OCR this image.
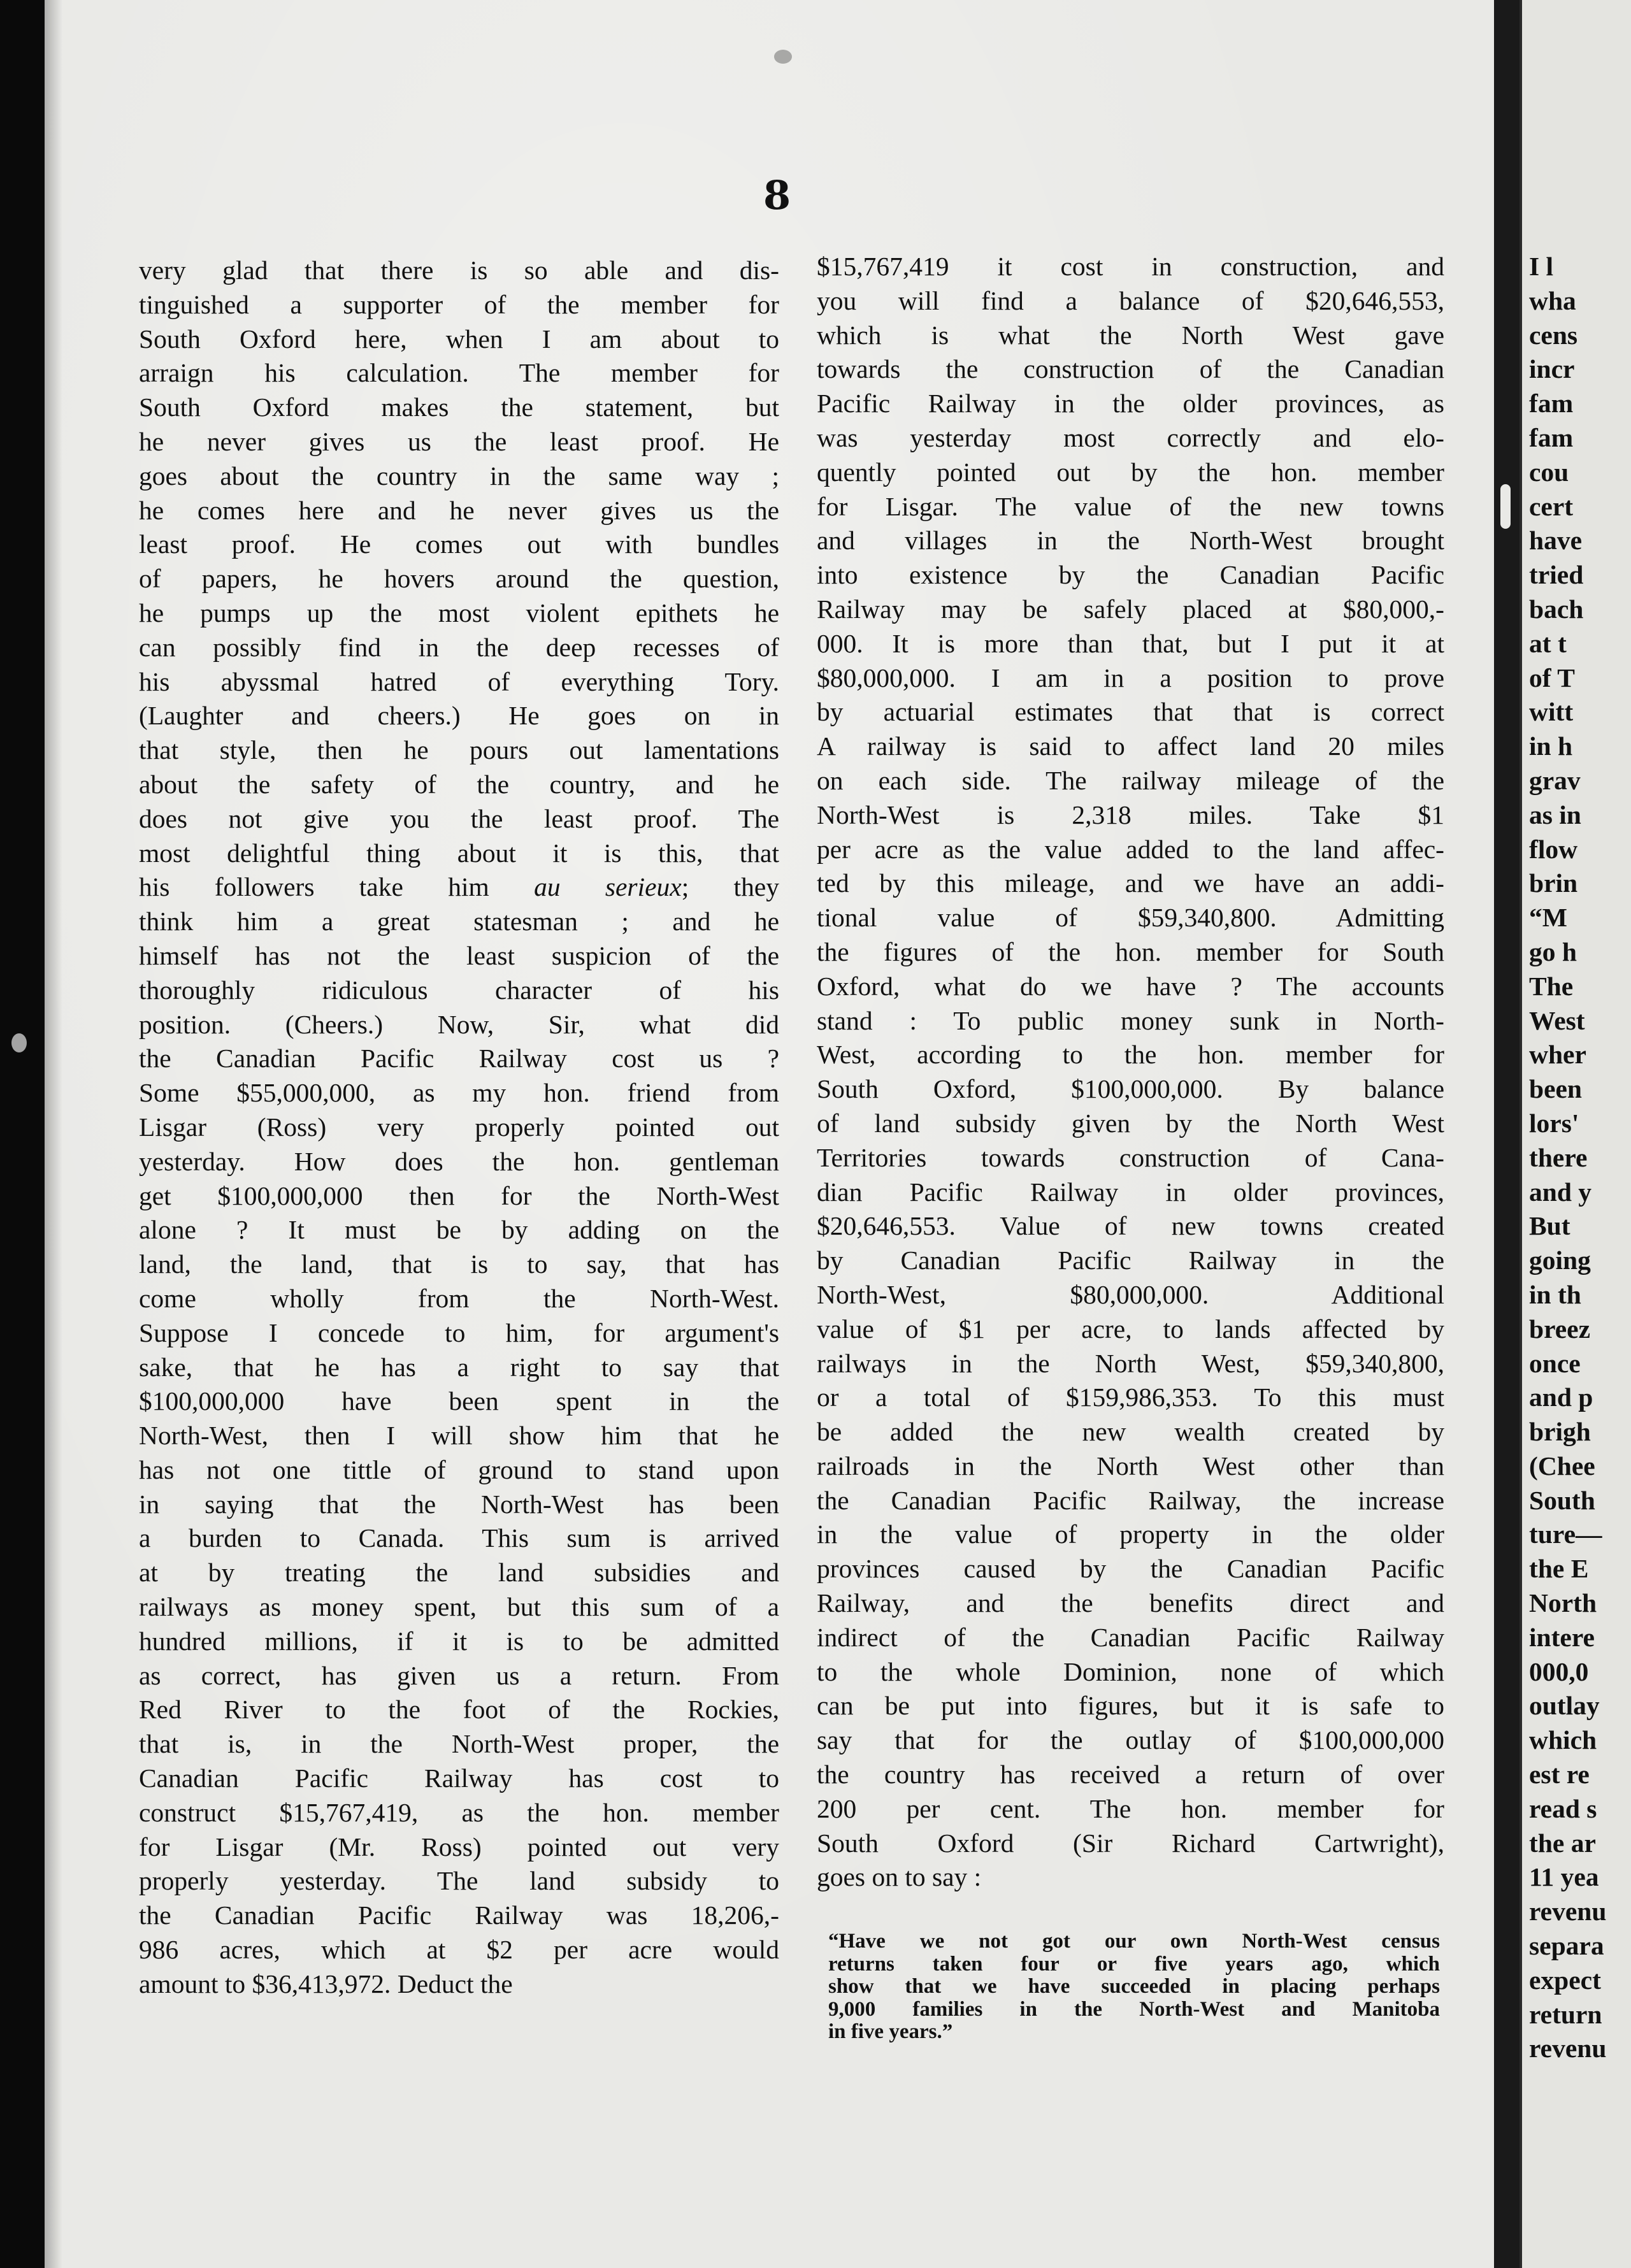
8
very glad that there is so able and dis-
tinguished a supporter of the member for
South Oxford here, when I am about to
arraign his calculation. The member for
South Oxford makes the statement, but
he never gives us the least proof. He
goes about the country in the same way ;
he comes here and he never gives us the
least proof. He comes out with bundles
of papers, he hovers around the question,
he pumps up the most violent epithets he
can possibly find in the deep recesses of
his abyssmal hatred of everything Tory.
(Laughter and cheers.) He goes on in
that style, then he pours out lamentations
about the safety of the country, and he
does not give you the least proof. The
most delightful thing about it is this, that
his followers take him au serieux; they
think him a great statesman ; and he
himself has not the least suspicion of the
thoroughly ridiculous character of his
position. (Cheers.) Now, Sir, what did
the Canadian Pacific Railway cost us ?
Some $55,000,000, as my hon. friend from
Lisgar (Ross) very properly pointed out
yesterday. How does the hon. gentleman
get $100,000,000 then for the North-West
alone ? It must be by adding on the
land, the land, that is to say, that has
come wholly from the North-West.
Suppose I concede to him, for argument's
sake, that he has a right to say that
$100,000,000 have been spent in the
North-West, then I will show him that he
has not one tittle of ground to stand upon
in saying that the North-West has been
a burden to Canada. This sum is arrived
at by treating the land subsidies and
railways as money spent, but this sum of a
hundred millions, if it is to be admitted
as correct, has given us a return. From
Red River to the foot of the Rockies,
that is, in the North-West proper, the
Canadian Pacific Railway has cost to
construct $15,767,419, as the hon. member
for Lisgar (Mr. Ross) pointed out very
properly yesterday. The land subsidy to
the Canadian Pacific Railway was 18,206,-
986 acres, which at $2 per acre would
amount to $36,413,972. Deduct the
$15,767,419 it cost in construction, and
you will find a balance of $20,646,553,
which is what the North West gave
towards the construction of the Canadian
Pacific Railway in the older provinces, as
was yesterday most correctly and elo-
quently pointed out by the hon. member
for Lisgar. The value of the new towns
and villages in the North-West brought
into existence by the Canadian Pacific
Railway may be safely placed at $80,000,-
000. It is more than that, but I put it at
$80,000,000. I am in a position to prove
by actuarial estimates that that is correct
A railway is said to affect land 20 miles
on each side. The railway mileage of the
North-West is 2,318 miles. Take $1
per acre as the value added to the land affec-
ted by this mileage, and we have an addi-
tional value of $59,340,800. Admitting
the figures of the hon. member for South
Oxford, what do we have ? The accounts
stand : To public money sunk in North-
West, according to the hon. member for
South Oxford, $100,000,000. By balance
of land subsidy given by the North West
Territories towards construction of Cana-
dian Pacific Railway in older provinces,
$20,646,553. Value of new towns created
by Canadian Pacific Railway in the
North-West, $80,000,000. Additional
value of $1 per acre, to lands affected by
railways in the North West, $59,340,800,
or a total of $159,986,353. To this must
be added the new wealth created by
railroads in the North West other than
the Canadian Pacific Railway, the increase
in the value of property in the older
provinces caused by the Canadian Pacific
Railway, and the benefits direct and
indirect of the Canadian Pacific Railway
to the whole Dominion, none of which
can be put into figures, but it is safe to
say that for the outlay of $100,000,000
the country has received a return of over
200 per cent. The hon. member for
South Oxford (Sir Richard Cartwright),
goes on to say :
“Have we not got our own North-West census
returns taken four or five years ago, which
show that we have succeeded in placing perhaps
9,000 families in the North-West and Manitoba
in five years.”
I l
wha
cens
incr
fam
fam
cou
cert
have
tried
bach
at t
of T
witt
in h
grav
as in
flow
brin
“M
go h
The
West
wher
been
lors'
there
and y
But
going
in th
breez
once
and p
brigh
(Chee
South
ture—
the E
North
intere
000,0
outlay
which
est re
read s
the ar
11 yea
revenu
separa
expect
return
revenu
